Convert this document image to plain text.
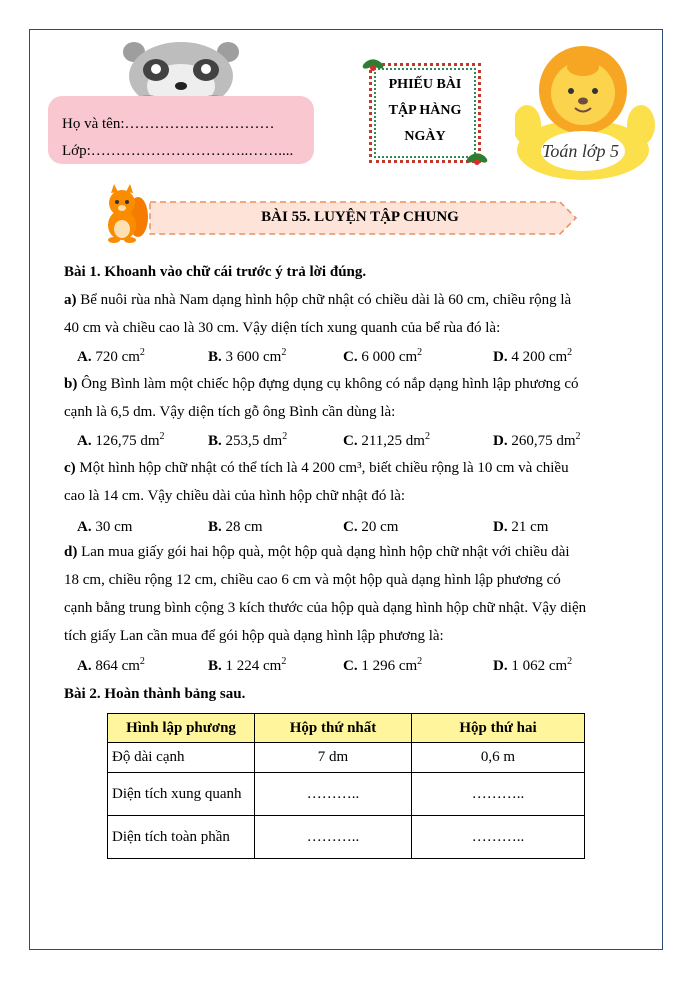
Họ và tên:…………………………
Lớp:…………………………..……....
PHIẾU BÀI
TẬP HÀNG
NGÀY
Toán lớp 5
BÀI 55. LUYỆN TẬP CHUNG
Bài 1. Khoanh vào chữ cái trước ý trả lời đúng.
a) Bể nuôi rùa nhà Nam dạng hình hộp chữ nhật có chiều dài là 60 cm, chiều rộng là
40 cm và chiều cao là 30 cm. Vậy diện tích xung quanh của bể rùa đó là:
A. 720 $cm^2$	B. 3 600 $cm^2$	C. 6 000 $cm^2$	D. 4 200 $cm^2$
b) Ông Bình làm một chiếc hộp đựng dụng cụ không có nắp dạng hình lập phương có
cạnh là 6,5 dm. Vậy diện tích gỗ ông Bình cần dùng là:
A. 126,75 $dm^2$	B. 253,5 $dm^2$	C. 211,25 $dm^2$	D. 260,75 $dm^2$
c) Một hình hộp chữ nhật có thể tích là 4 200 cm³, biết chiều rộng là 10 cm và chiều
cao là 14 cm. Vậy chiều dài của hình hộp chữ nhật đó là:
A. 30 cm	B. 28 cm	C. 20 cm	D. 21 cm
d) Lan mua giấy gói hai hộp quà, một hộp quà dạng hình hộp chữ nhật với chiều dài
18 cm, chiều rộng 12 cm, chiều cao 6 cm và một hộp quà dạng hình lập phương có
cạnh bằng trung bình cộng 3 kích thước của hộp quà dạng hình hộp chữ nhật. Vậy diện
tích giấy Lan cần mua để gói hộp quà dạng hình lập phương là:
A. 864 $cm^2$	B. 1 224 $cm^2$	C. 1 296 $cm^2$	D. 1 062 $cm^2$
Bài 2. Hoàn thành bảng sau.
Hình lập phương	Hộp thứ nhất	Hộp thứ hai
Độ dài cạnh	7 dm	0,6 m
Diện tích xung quanh	………..	………..
Diện tích toàn phần	………..	………..
